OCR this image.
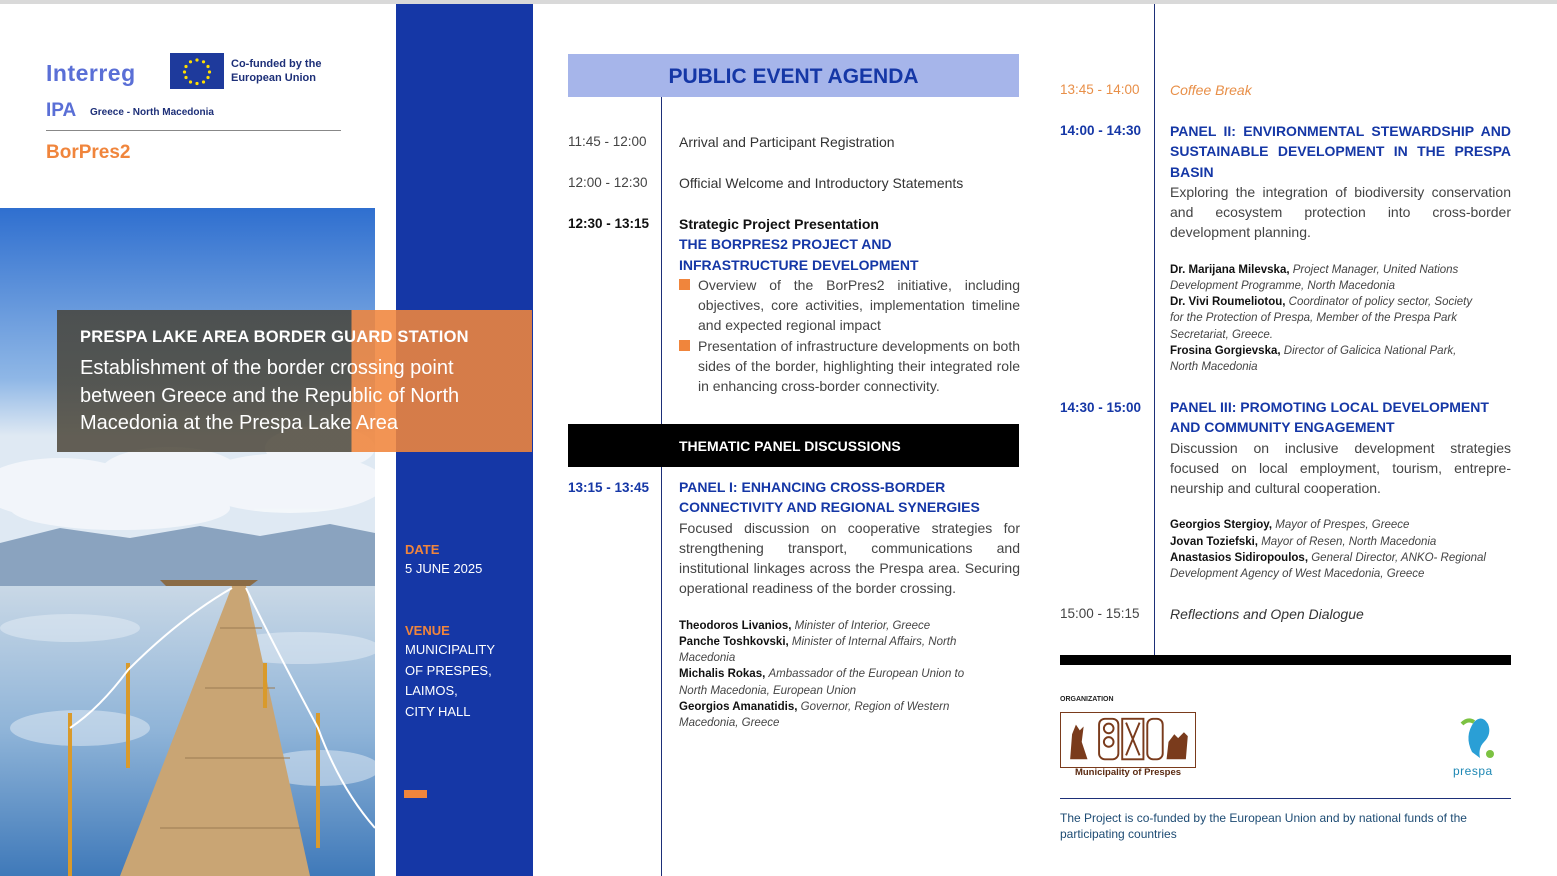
Interreg	Co-funded by the European Union
IPA Greece - North Macedonia
BorPres2
PRESPA LAKE AREA BORDER GUARD STATION
Establishment of the border crossing point between Greece and the Republic of North Macedonia at the Prespa Lake Area
DATE
5 JUNE 2025
VENUE
MUNICIPALITY
OF PRESPES,
LAIMOS,
CITY HALL
PUBLIC EVENT AGENDA
11:45 - 12:00 Arrival and Participant Registration
12:00 - 12:30 Official Welcome and Introductory Statements
12:30 - 13:15 Strategic Project Presentation
THE BORPRES2 PROJECT AND INFRASTRUCTURE DEVELOPMENT
Overview of the BorPres2 initiative, including objectives, core activities, implementation timeline and expected regional impact
Presentation of infrastructure developments on both sides of the border, highlighting their integrated role in enhancing cross-border connectivity.
THEMATIC PANEL DISCUSSIONS
13:15 - 13:45 PANEL I: ENHANCING CROSS-BORDER CONNECTIVITY AND REGIONAL SYNERGIES
Focused discussion on cooperative strategies for strengthening transport, communications and institutional linkages across the Prespa area. Securing operational readiness of the border crossing.
Theodoros Livanios, Minister of Interior, Greece
Panche Toshkovski, Minister of Internal Affairs, North Macedonia
Michalis Rokas, Ambassador of the European Union to North Macedonia, European Union
Georgios Amanatidis, Governor, Region of Western Macedonia, Greece
13:45 - 14:00 Coffee Break
14:00 - 14:30 PANEL II: ENVIRONMENTAL STEWARDSHIP AND SUSTAINABLE DEVELOPMENT IN THE PRESPA BASIN
Exploring the integration of biodiversity conservation and ecosystem protection into cross-border development planning.
Dr. Marijana Milevska, Project Manager, United Nations Development Programme, North Macedonia
Dr. Vivi Roumeliotou, Coordinator of policy sector, Society for the Protection of Prespa, Member of the Prespa Park Secretariat, Greece.
Frosina Gorgievska, Director of Galicica National Park, North Macedonia
14:30 - 15:00 PANEL III: PROMOTING LOCAL DEVELOPMENT AND COMMUNITY ENGAGEMENT
Discussion on inclusive development strategies focused on local employment, tourism, entrepre-neurship and cultural cooperation.
Georgios Stergioy, Mayor of Prespes, Greece
Jovan Toziefski, Mayor of Resen, North Macedonia
Anastasios Sidiropoulos, General Director, ANKO- Regional Development Agency of West Macedonia, Greece
15:00 - 15:15 Reflections and Open Dialogue
ORGANIZATION
Municipality of Prespes	prespa
The Project is co-funded by the European Union and by national funds of the participating countries
